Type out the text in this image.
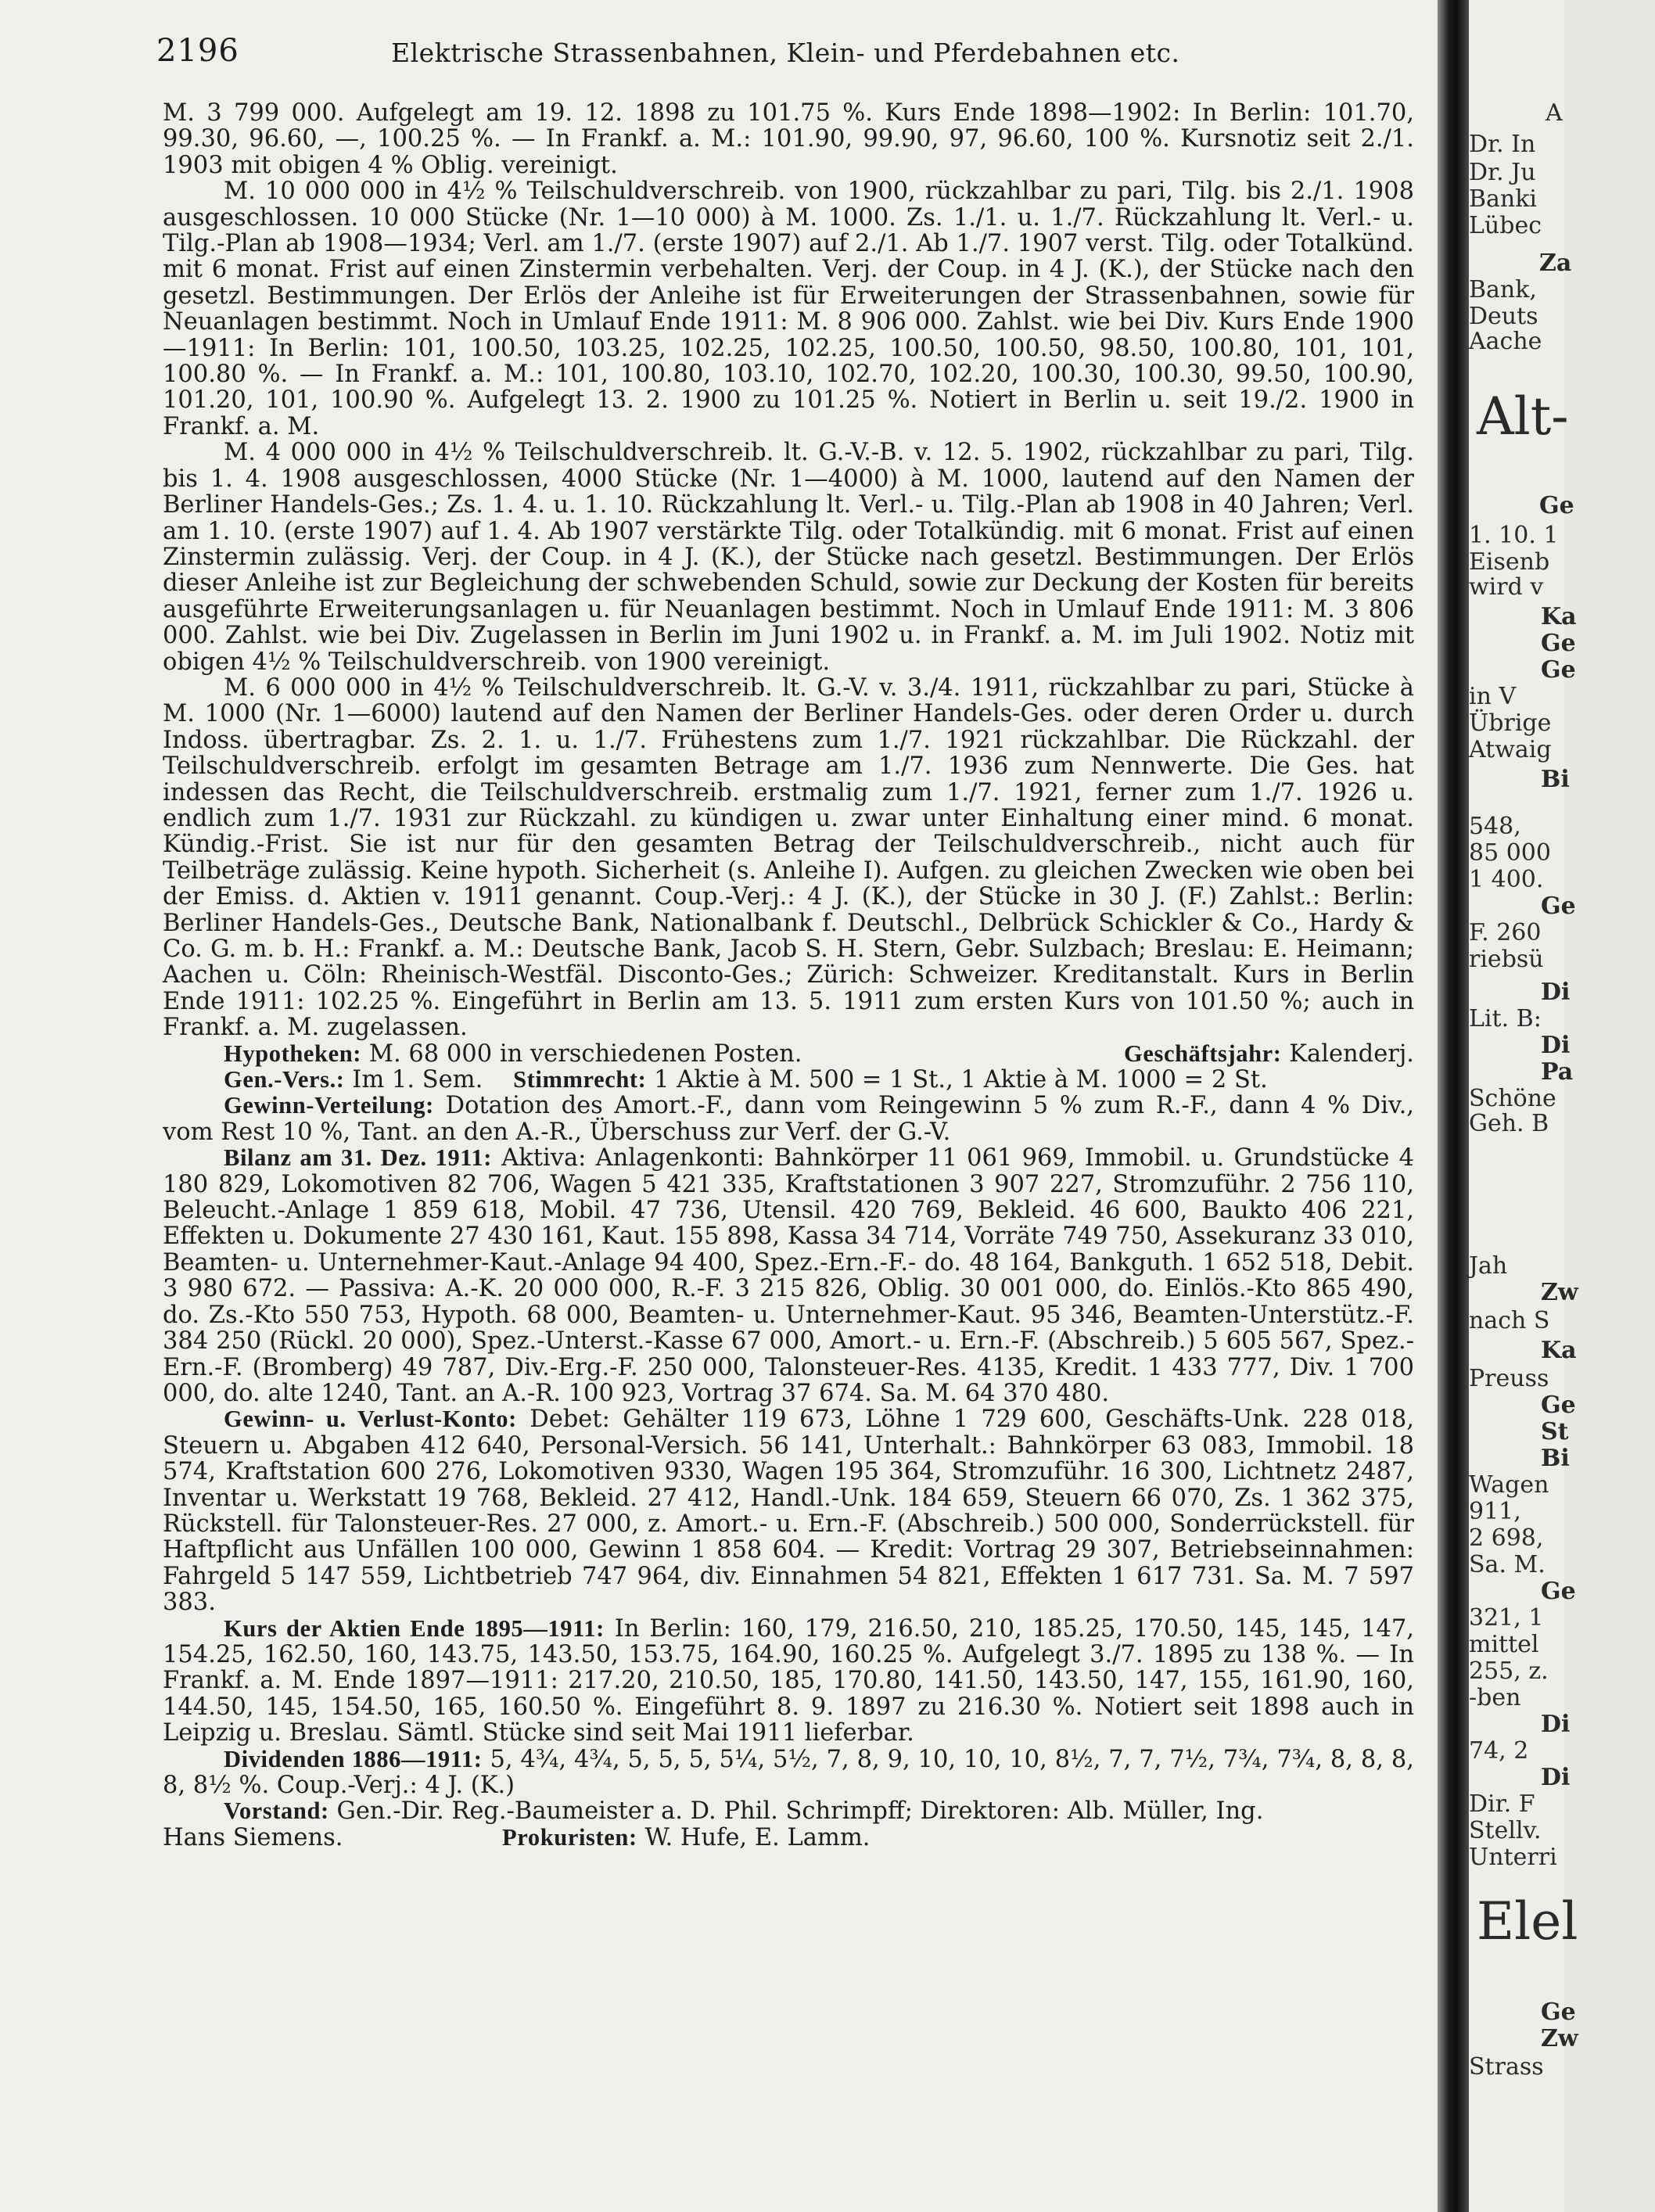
2196	Elektrische Strassenbahnen, Klein- und Pferdebahnen etc.

M. 3 799 000. Aufgelegt am 19. 12. 1898 zu 101.75 %. Kurs Ende 1898—1902: In Berlin: 101.70, 99.30, 96.60, —, 100.25 %. — In Frankf. a. M.: 101.90, 99.90, 97, 96.60, 100 %. Kursnotiz seit 2./1. 1903 mit obigen 4 % Oblig. vereinigt.

M. 10 000 000 in 4½ % Teilschuldverschreib. von 1900, rückzahlbar zu pari, Tilg. bis 2./1. 1908 ausgeschlossen. 10 000 Stücke (Nr. 1—10 000) à M. 1000. Zs. 1./1. u. 1./7. Rückzahlung lt. Verl.- u. Tilg.-Plan ab 1908—1934; Verl. am 1./7. (erste 1907) auf 2./1. Ab 1./7. 1907 verst. Tilg. oder Totalkünd. mit 6 monat. Frist auf einen Zinstermin verbehalten. Verj. der Coup. in 4 J. (K.), der Stücke nach den gesetzl. Bestimmungen. Der Erlös der Anleihe ist für Erweiterungen der Strassenbahnen, sowie für Neuanlagen bestimmt. Noch in Umlauf Ende 1911: M. 8 906 000. Zahlst. wie bei Div. Kurs Ende 1900—1911: In Berlin: 101, 100.50, 103.25, 102.25, 102.25, 100.50, 100.50, 98.50, 100.80, 101, 101, 100.80 %. — In Frankf. a. M.: 101, 100.80, 103.10, 102.70, 102.20, 100.30, 100.30, 99.50, 100.90, 101.20, 101, 100.90 %. Aufgelegt 13. 2. 1900 zu 101.25 %. Notiert in Berlin u. seit 19./2. 1900 in Frankf. a. M.

M. 4 000 000 in 4½ % Teilschuldverschreib. lt. G.-V.-B. v. 12. 5. 1902, rückzahlbar zu pari, Tilg. bis 1. 4. 1908 ausgeschlossen, 4000 Stücke (Nr. 1—4000) à M. 1000, lautend auf den Namen der Berliner Handels-Ges.; Zs. 1. 4. u. 1. 10. Rückzahlung lt. Verl.- u. Tilg.-Plan ab 1908 in 40 Jahren; Verl. am 1. 10. (erste 1907) auf 1. 4. Ab 1907 verstärkte Tilg. oder Totalkündig. mit 6 monat. Frist auf einen Zinstermin zulässig. Verj. der Coup. in 4 J. (K.), der Stücke nach gesetzl. Bestimmungen. Der Erlös dieser Anleihe ist zur Begleichung der schwebenden Schuld, sowie zur Deckung der Kosten für bereits ausgeführte Erweiterungsanlagen u. für Neuanlagen bestimmt. Noch in Umlauf Ende 1911: M. 3 806 000. Zahlst. wie bei Div. Zugelassen in Berlin im Juni 1902 u. in Frankf. a. M. im Juli 1902. Notiz mit obigen 4½ % Teilschuldverschreib. von 1900 vereinigt.

M. 6 000 000 in 4½ % Teilschuldverschreib. lt. G.-V. v. 3./4. 1911, rückzahlbar zu pari, Stücke à M. 1000 (Nr. 1—6000) lautend auf den Namen der Berliner Handels-Ges. oder deren Order u. durch Indoss. übertragbar. Zs. 2. 1. u. 1./7. Frühestens zum 1./7. 1921 rückzahlbar. Die Rückzahl. der Teilschuldverschreib. erfolgt im gesamten Betrage am 1./7. 1936 zum Nennwerte. Die Ges. hat indessen das Recht, die Teilschuldverschreib. erstmalig zum 1./7. 1921, ferner zum 1./7. 1926 u. endlich zum 1./7. 1931 zur Rückzahl. zu kündigen u. zwar unter Einhaltung einer mind. 6 monat. Kündig.-Frist. Sie ist nur für den gesamten Betrag der Teilschuldverschreib., nicht auch für Teilbeträge zulässig. Keine hypoth. Sicherheit (s. Anleihe I). Aufgen. zu gleichen Zwecken wie oben bei der Emiss. d. Aktien v. 1911 genannt. Coup.-Verj.: 4 J. (K.), der Stücke in 30 J. (F.) Zahlst.: Berlin: Berliner Handels-Ges., Deutsche Bank, Nationalbank f. Deutschl., Delbrück Schickler & Co., Hardy & Co. G. m. b. H.: Frankf. a. M.: Deutsche Bank, Jacob S. H. Stern, Gebr. Sulzbach; Breslau: E. Heimann; Aachen u. Cöln: Rheinisch-Westfäl. Disconto-Ges.; Zürich: Schweizer. Kreditanstalt. Kurs in Berlin Ende 1911: 102.25 %. Eingeführt in Berlin am 13. 5. 1911 zum ersten Kurs von 101.50 %; auch in Frankf. a. M. zugelassen.

Hypotheken: M. 68 000 in verschiedenen Posten.	Geschäftsjahr: Kalenderj.

Gen.-Vers.: Im 1. Sem. Stimmrecht: 1 Aktie à M. 500 = 1 St., 1 Aktie à M. 1000 = 2 St.

Gewinn-Verteilung: Dotation des Amort.-F., dann vom Reingewinn 5 % zum R.-F., dann 4 % Div., vom Rest 10 %, Tant. an den A.-R., Überschuss zur Verf. der G.-V.

Bilanz am 31. Dez. 1911: Aktiva: Anlagenkonti: Bahnkörper 11 061 969, Immobil. u. Grundstücke 4 180 829, Lokomotiven 82 706, Wagen 5 421 335, Kraftstationen 3 907 227, Stromzuführ. 2 756 110, Beleucht.-Anlage 1 859 618, Mobil. 47 736, Utensil. 420 769, Bekleid. 46 600, Baukto 406 221, Effekten u. Dokumente 27 430 161, Kaut. 155 898, Kassa 34 714, Vorräte 749 750, Assekuranz 33 010, Beamten- u. Unternehmer-Kaut.-Anlage 94 400, Spez.-Ern.-F.- do. 48 164, Bankguth. 1 652 518, Debit. 3 980 672. — Passiva: A.-K. 20 000 000, R.-F. 3 215 826, Oblig. 30 001 000, do. Einlös.-Kto 865 490, do. Zs.-Kto 550 753, Hypoth. 68 000, Beamten- u. Unternehmer-Kaut. 95 346, Beamten-Unterstütz.-F. 384 250 (Rückl. 20 000), Spez.-Unterst.-Kasse 67 000, Amort.- u. Ern.-F. (Abschreib.) 5 605 567, Spez.-Ern.-F. (Bromberg) 49 787, Div.-Erg.-F. 250 000, Talonsteuer-Res. 4135, Kredit. 1 433 777, Div. 1 700 000, do. alte 1240, Tant. an A.-R. 100 923, Vortrag 37 674. Sa. M. 64 370 480.

Gewinn- u. Verlust-Konto: Debet: Gehälter 119 673, Löhne 1 729 600, Geschäfts-Unk. 228 018, Steuern u. Abgaben 412 640, Personal-Versich. 56 141, Unterhalt.: Bahnkörper 63 083, Immobil. 18 574, Kraftstation 600 276, Lokomotiven 9330, Wagen 195 364, Stromzuführ. 16 300, Lichtnetz 2487, Inventar u. Werkstatt 19 768, Bekleid. 27 412, Handl.-Unk. 184 659, Steuern 66 070, Zs. 1 362 375, Rückstell. für Talonsteuer-Res. 27 000, z. Amort.- u. Ern.-F. (Abschreib.) 500 000, Sonderrückstell. für Haftpflicht aus Unfällen 100 000, Gewinn 1 858 604. — Kredit: Vortrag 29 307, Betriebseinnahmen: Fahrgeld 5 147 559, Lichtbetrieb 747 964, div. Einnahmen 54 821, Effekten 1 617 731. Sa. M. 7 597 383.

Kurs der Aktien Ende 1895—1911: In Berlin: 160, 179, 216.50, 210, 185.25, 170.50, 145, 145, 147, 154.25, 162.50, 160, 143.75, 143.50, 153.75, 164.90, 160.25 %. Aufgelegt 3./7. 1895 zu 138 %. — In Frankf. a. M. Ende 1897—1911: 217.20, 210.50, 185, 170.80, 141.50, 143.50, 147, 155, 161.90, 160, 144.50, 145, 154.50, 165, 160.50 %. Eingeführt 8. 9. 1897 zu 216.30 %. Notiert seit 1898 auch in Leipzig u. Breslau. Sämtl. Stücke sind seit Mai 1911 lieferbar.

Dividenden 1886—1911: 5, 4¾, 4¾, 5, 5, 5, 5¼, 5½, 7, 8, 9, 10, 10, 10, 8½, 7, 7, 7½, 7¾, 7¾, 8, 8, 8, 8, 8½ %. Coup.-Verj.: 4 J. (K.)

Vorstand: Gen.-Dir. Reg.-Baumeister a. D. Phil. Schrimpff; Direktoren: Alb. Müller, Ing.

Hans Siemens.	Prokuristen: W. Hufe, E. Lamm.

A
Dr. In
Dr. Ju
Banki
Lübec
Za
Bank,
Deuts
Aache
Alt-
Ge
1. 10. 1
Eisenb
wird v
Ka
Ge
Ge
in V
Übrige
Atwaig
Bi
548,
85 000
1 400.
Ge
F. 260
riebsü
Di
Lit. B:
Di
Pa
Schöne
Geh. B
Jah
Zw
nach S
Ka
Preuss
Ge
St
Bi
Wagen
911,
2 698,
Sa. M.
Ge
321, 1
mittel
255, z.
-ben
Di
74, 2
Di
Dir. F
Stellv.
Unterri
Elel
Ge
Zw
Strass
